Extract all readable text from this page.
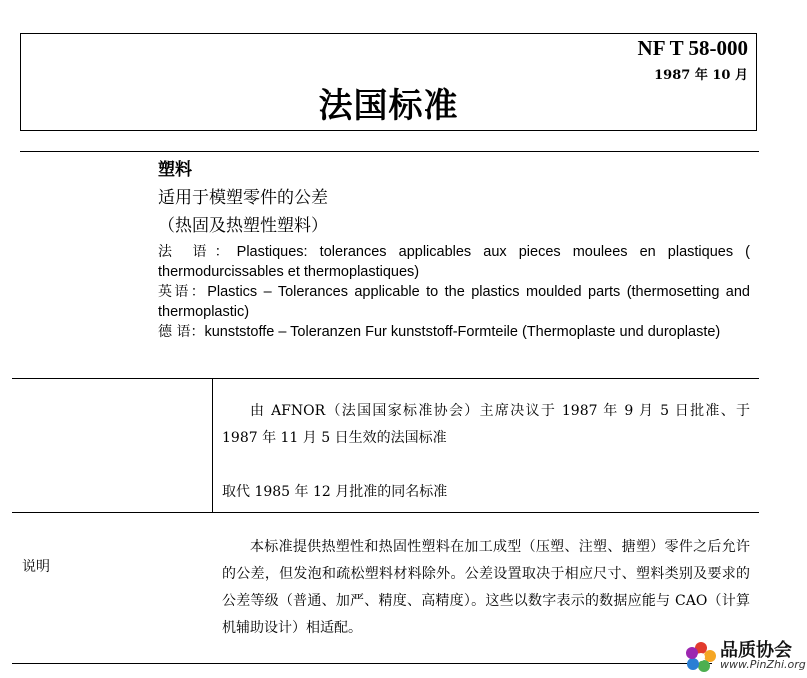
NF T 58-000
1987 年 10 月
法国标准
塑料
适用于模塑零件的公差
（热固及热塑性塑料）
法 语：Plastiques: tolerances applicables aux pieces moulees en plastiques ( thermodurcissables et thermoplastiques)
英语：Plastics – Tolerances applicable to the plastics moulded parts (thermosetting and thermoplastic)
德 语：kunststoffe – Toleranzen Fur kunststoff-Formteile (Thermoplaste und duroplaste)
由 AFNOR（法国国家标准协会）主席决议于 1987 年 9 月 5 日批准、于 1987 年 11 月 5 日生效的法国标准
取代 1985 年 12 月批准的同名标准
说明
本标准提供热塑性和热固性塑料在加工成型（压塑、注塑、搪塑）零件之后允许的公差，但发泡和疏松塑料材料除外。公差设置取决于相应尺寸、塑料类别及要求的公差等级（普通、加严、精度、高精度）。这些以数字表示的数据应能与 CAO（计算机辅助设计）相适配。
品质协会
www.PinZhi.org
